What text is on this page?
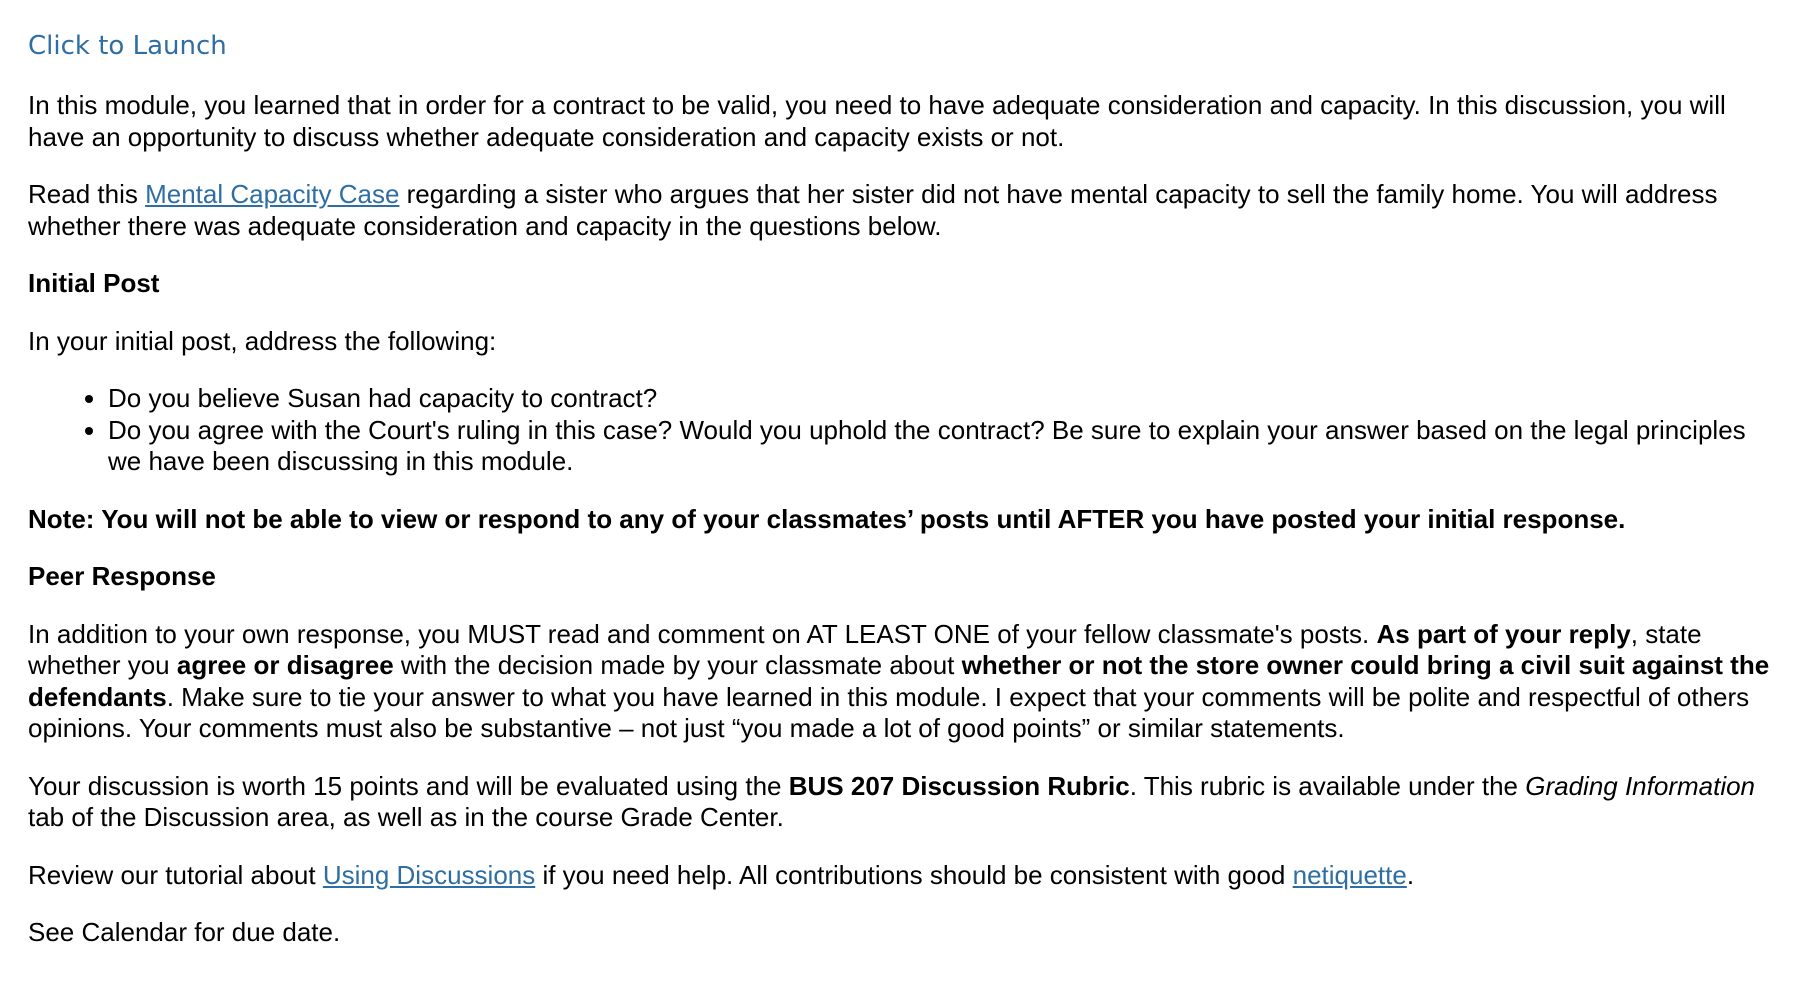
Click to Launch

In this module, you learned that in order for a contract to be valid, you need to have adequate consideration and capacity. In this discussion, you will have an opportunity to discuss whether adequate consideration and capacity exists or not.

Read this Mental Capacity Case regarding a sister who argues that her sister did not have mental capacity to sell the family home. You will address whether there was adequate consideration and capacity in the questions below.

Initial Post

In your initial post, address the following:

• Do you believe Susan had capacity to contract?
• Do you agree with the Court's ruling in this case? Would you uphold the contract? Be sure to explain your answer based on the legal principles we have been discussing in this module.

Note: You will not be able to view or respond to any of your classmates’ posts until AFTER you have posted your initial response.

Peer Response

In addition to your own response, you MUST read and comment on AT LEAST ONE of your fellow classmate's posts. As part of your reply, state whether you agree or disagree with the decision made by your classmate about whether or not the store owner could bring a civil suit against the defendants. Make sure to tie your answer to what you have learned in this module. I expect that your comments will be polite and respectful of others opinions. Your comments must also be substantive – not just “you made a lot of good points” or similar statements.

Your discussion is worth 15 points and will be evaluated using the BUS 207 Discussion Rubric. This rubric is available under the Grading Information tab of the Discussion area, as well as in the course Grade Center.

Review our tutorial about Using Discussions if you need help. All contributions should be consistent with good netiquette.

See Calendar for due date.
